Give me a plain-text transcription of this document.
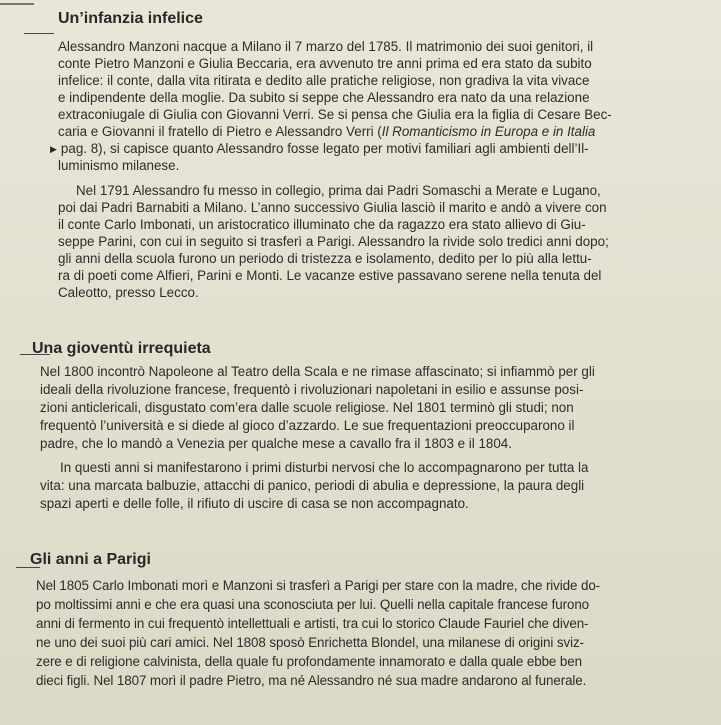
Un’infanzia infelice
Alessandro Manzoni nacque a Milano il 7 marzo del 1785. Il matrimonio dei suoi genitori, il
conte Pietro Manzoni e Giulia Beccaria, era avvenuto tre anni prima ed era stato da subito
infelice: il conte, dalla vita ritirata e dedito alle pratiche religiose, non gradiva la vita vivace
e indipendente della moglie. Da subito si seppe che Alessandro era nato da una relazione
extraconiugale di Giulia con Giovanni Verri. Se si pensa che Giulia era la figlia di Cesare Bec-
caria e Giovanni il fratello di Pietro e Alessandro Verri (Il Romanticismo in Europa e in Italia
▶ pag. 8), si capisce quanto Alessandro fosse legato per motivi familiari agli ambienti dell’Il-
luminismo milanese.
Nel 1791 Alessandro fu messo in collegio, prima dai Padri Somaschi a Merate e Lugano,
poi dai Padri Barnabiti a Milano. L’anno successivo Giulia lasciò il marito e andò a vivere con
il conte Carlo Imbonati, un aristocratico illuminato che da ragazzo era stato allievo di Giu-
seppe Parini, con cui in seguito si trasferì a Parigi. Alessandro la rivide solo tredici anni dopo;
gli anni della scuola furono un periodo di tristezza e isolamento, dedito per lo più alla lettu-
ra di poeti come Alfieri, Parini e Monti. Le vacanze estive passavano serene nella tenuta del
Caleotto, presso Lecco.
Una gioventù irrequieta
Nel 1800 incontrò Napoleone al Teatro della Scala e ne rimase affascinato; si infiammò per gli
ideali della rivoluzione francese, frequentò i rivoluzionari napoletani in esilio e assunse posi-
zioni anticlericali, disgustato com’era dalle scuole religiose. Nel 1801 terminò gli studi; non
frequentò l’università e si diede al gioco d’azzardo. Le sue frequentazioni preoccuparono il
padre, che lo mandò a Venezia per qualche mese a cavallo fra il 1803 e il 1804.
In questi anni si manifestarono i primi disturbi nervosi che lo accompagnarono per tutta la
vita: una marcata balbuzie, attacchi di panico, periodi di abulia e depressione, la paura degli
spazi aperti e delle folle, il rifiuto di uscire di casa se non accompagnato.
Gli anni a Parigi
Nel 1805 Carlo Imbonati morì e Manzoni si trasferì a Parigi per stare con la madre, che rivide do-
po moltissimi anni e che era quasi una sconosciuta per lui. Quelli nella capitale francese furono
anni di fermento in cui frequentò intellettuali e artisti, tra cui lo storico Claude Fauriel che diven-
ne uno dei suoi più cari amici. Nel 1808 sposò Enrichetta Blondel, una milanese di origini sviz-
zere e di religione calvinista, della quale fu profondamente innamorato e dalla quale ebbe ben
dieci figli. Nel 1807 morì il padre Pietro, ma né Alessandro né sua madre andarono al funerale.
